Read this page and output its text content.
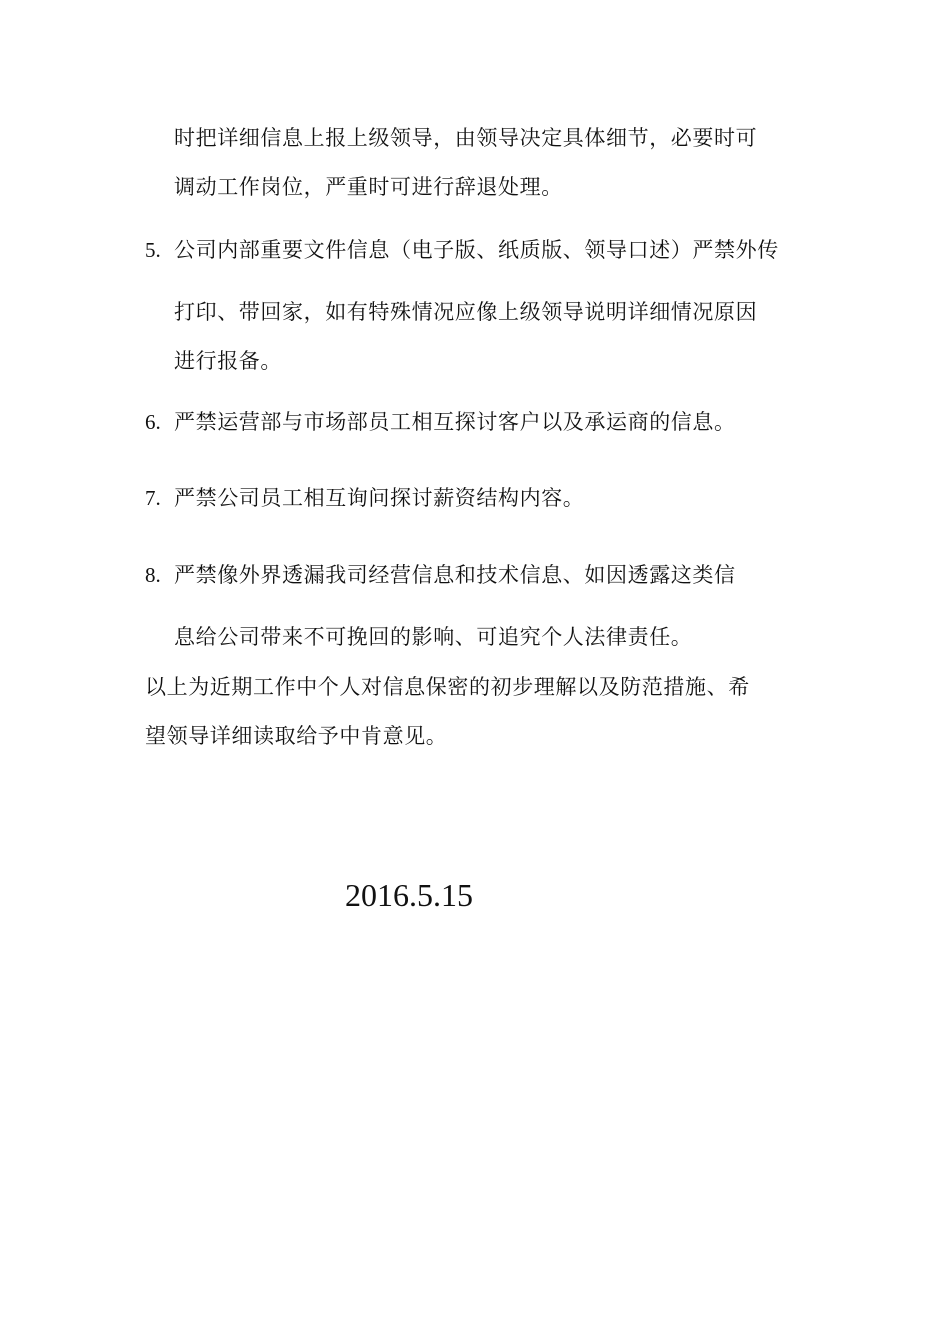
时把详细信息上报上级领导，由领导决定具体细节，必要时可
调动工作岗位，严重时可进行辞退处理。
5. 公司内部重要文件信息（电子版、纸质版、领导口述）严禁外传
打印、带回家，如有特殊情况应像上级领导说明详细情况原因
进行报备。
6. 严禁运营部与市场部员工相互探讨客户以及承运商的信息。
7. 严禁公司员工相互询问探讨薪资结构内容。
8. 严禁像外界透漏我司经营信息和技术信息、如因透露这类信
息给公司带来不可挽回的影响、可追究个人法律责任。
以上为近期工作中个人对信息保密的初步理解以及防范措施、希
望领导详细读取给予中肯意见。
2016.5.15
